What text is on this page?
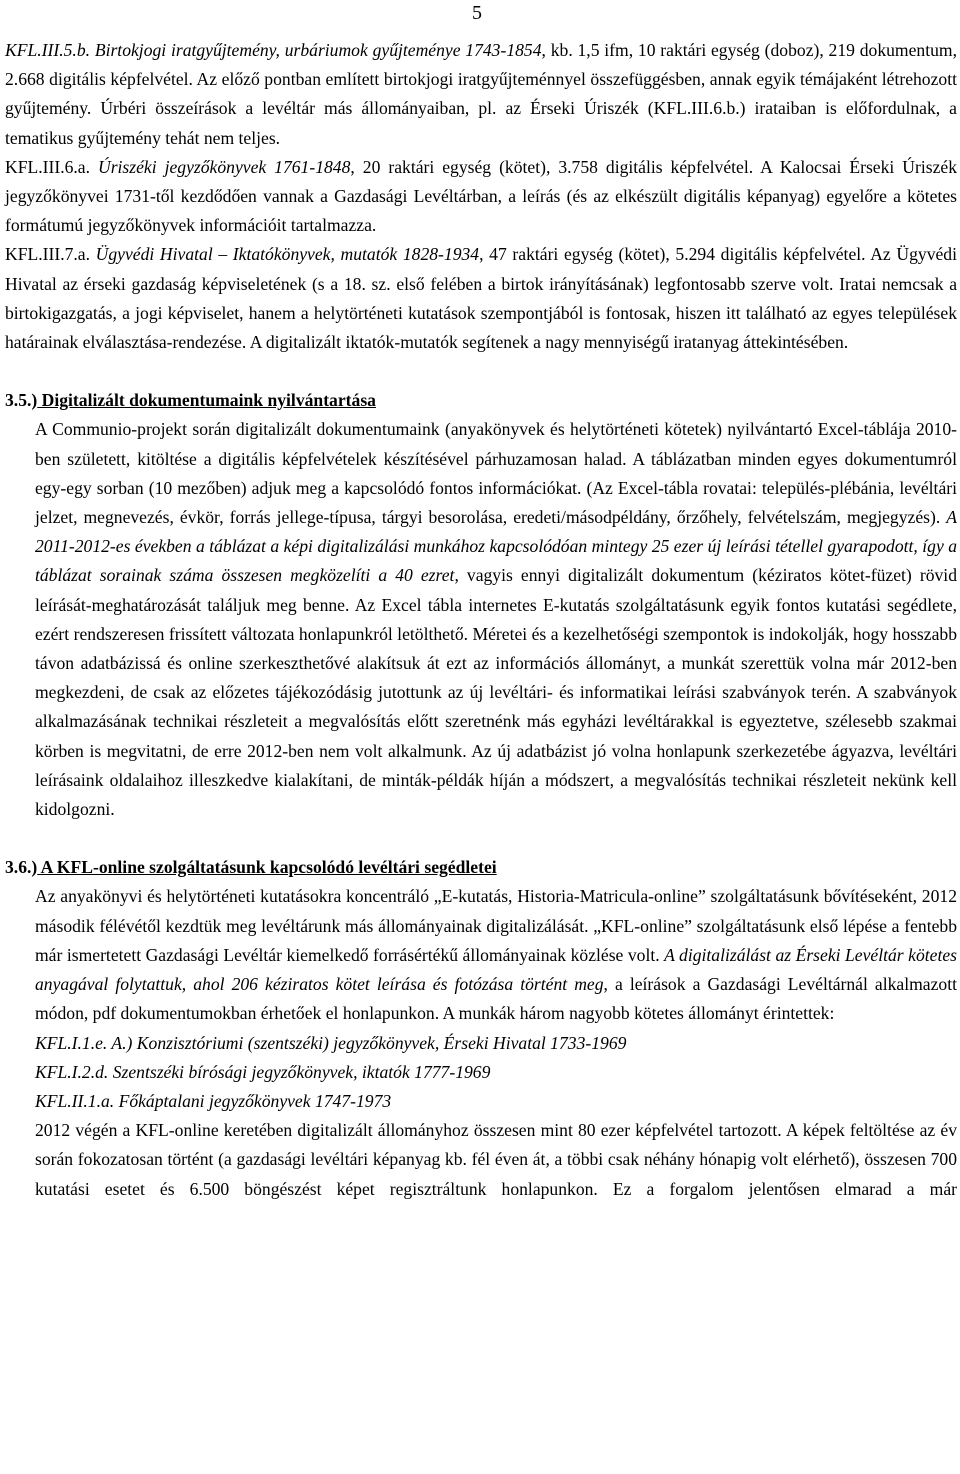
5

KFL.III.5.b. Birtokjogi iratgyűjtemény, urbáriumok gyűjteménye 1743-1854, kb. 1,5 ifm, 10 raktári egység (doboz), 219 dokumentum, 2.668 digitális képfelvétel. Az előző pontban említett birtokjogi iratgyűjteménnyel összefüggésben, annak egyik témájaként létrehozott gyűjtemény. Úrbéri összeírások a levéltár más állományaiban, pl. az Érseki Úriszék (KFL.III.6.b.) irataiban is előfordulnak, a tematikus gyűjtemény tehát nem teljes.

KFL.III.6.a. Úriszéki jegyzőkönyvek 1761-1848, 20 raktári egység (kötet), 3.758 digitális képfelvétel. A Kalocsai Érseki Úriszék jegyzőkönyvei 1731-től kezdődően vannak a Gazdasági Levéltárban, a leírás (és az elkészült digitális képanyag) egyelőre a kötetes formátumú jegyzőkönyvek információit tartalmazza.

KFL.III.7.a. Ügyvédi Hivatal – Iktatókönyvek, mutatók 1828-1934, 47 raktári egység (kötet), 5.294 digitális képfelvétel. Az Ügyvédi Hivatal az érseki gazdaság képviseletének (s a 18. sz. első felében a birtok irányításának) legfontosabb szerve volt. Iratai nemcsak a birtokigazgatás, a jogi képviselet, hanem a helytörténeti kutatások szempontjából is fontosak, hiszen itt található az egyes települések határainak elválasztása-rendezése. A digitalizált iktatók-mutatók segítenek a nagy mennyiségű iratanyag áttekintésében.

3.5.) Digitalizált dokumentumaink nyilvántartása

A Communio-projekt során digitalizált dokumentumaink (anyakönyvek és helytörténeti kötetek) nyilvántartó Excel-táblája 2010-ben született, kitöltése a digitális képfelvételek készítésével párhuzamosan halad. A táblázatban minden egyes dokumentumról egy-egy sorban (10 mezőben) adjuk meg a kapcsolódó fontos információkat. (Az Excel-tábla rovatai: település-plébánia, levéltári jelzet, megnevezés, évkör, forrás jellege-típusa, tárgyi besorolása, eredeti/másodpéldány, őrzőhely, felvételszám, megjegyzés). A 2011-2012-es években a táblázat a képi digitalizálási munkához kapcsolódóan mintegy 25 ezer új leírási tétellel gyarapodott, így a táblázat sorainak száma összesen megközelíti a 40 ezret, vagyis ennyi digitalizált dokumentum (kéziratos kötet-füzet) rövid leírását-meghatározását találjuk meg benne. Az Excel tábla internetes E-kutatás szolgáltatásunk egyik fontos kutatási segédlete, ezért rendszeresen frissített változata honlapunkról letölthető. Méretei és a kezelhetőségi szempontok is indokolják, hogy hosszabb távon adatbázissá és online szerkeszthetővé alakítsuk át ezt az információs állományt, a munkát szerettük volna már 2012-ben megkezdeni, de csak az előzetes tájékozódásig jutottunk az új levéltári- és informatikai leírási szabványok terén. A szabványok alkalmazásának technikai részleteit a megvalósítás előtt szeretnénk más egyházi levéltárakkal is egyeztetve, szélesebb szakmai körben is megvitatni, de erre 2012-ben nem volt alkalmunk. Az új adatbázist jó volna honlapunk szerkezetébe ágyazva, levéltári leírásaink oldalaihoz illeszkedve kialakítani, de minták-példák híján a módszert, a megvalósítás technikai részleteit nekünk kell kidolgozni.

3.6.) A KFL-online szolgáltatásunk kapcsolódó levéltári segédletei

Az anyakönyvi és helytörténeti kutatásokra koncentráló „E-kutatás, Historia-Matricula-online” szolgáltatásunk bővítéseként, 2012 második félévétől kezdtük meg levéltárunk más állományainak digitalizálását. „KFL-online” szolgáltatásunk első lépése a fentebb már ismertetett Gazdasági Levéltár kiemelkedő forrásértékű állományainak közlése volt. A digitalizálást az Érseki Levéltár kötetes anyagával folytattuk, ahol 206 kéziratos kötet leírása és fotózása történt meg, a leírások a Gazdasági Levéltárnál alkalmazott módon, pdf dokumentumokban érhetőek el honlapunkon. A munkák három nagyobb kötetes állományt érintettek:

KFL.I.1.e. A.) Konzisztóriumi (szentszéki) jegyzőkönyvek, Érseki Hivatal 1733-1969

KFL.I.2.d. Szentszéki bírósági jegyzőkönyvek, iktatók 1777-1969

KFL.II.1.a. Főkáptalani jegyzőkönyvek 1747-1973

2012 végén a KFL-online keretében digitalizált állományhoz összesen mint 80 ezer képfelvétel tartozott. A képek feltöltése az év során fokozatosan történt (a gazdasági levéltári képanyag kb. fél éven át, a többi csak néhány hónapig volt elérhető), összesen 700 kutatási esetet és 6.500 böngészést képet regisztráltunk honlapunkon. Ez a forgalom jelentősen elmarad a már
